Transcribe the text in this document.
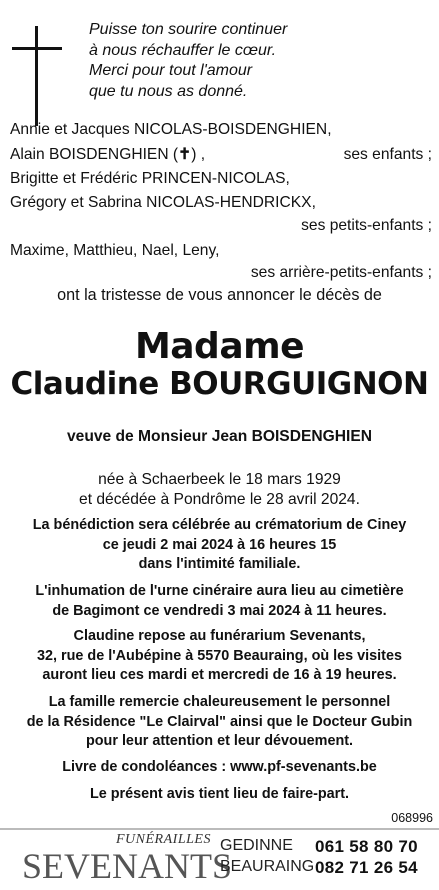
Puisse ton sourire continuer
à nous réchauffer le cœur.
Merci pour tout l'amour
que tu nous as donné.
Annie et Jacques NICOLAS-BOISDENGHIEN,
Alain BOISDENGHIEN (✝) ,	ses enfants ;
Brigitte et Frédéric PRINCEN-NICOLAS,
Grégory et Sabrina NICOLAS-HENDRICKX,
ses petits-enfants ;
Maxime, Matthieu, Nael, Leny,
ses arrière-petits-enfants ;
ont la tristesse de vous annoncer le décès de
Madame
Claudine BOURGUIGNON
veuve de Monsieur Jean BOISDENGHIEN
née à Schaerbeek le 18 mars 1929
et décédée à Pondrôme le 28 avril 2024.
La bénédiction sera célébrée au crématorium de Ciney
ce jeudi 2 mai 2024 à 16 heures 15
dans l'intimité familiale.
L'inhumation de l'urne cinéraire aura lieu au cimetière
de Bagimont ce vendredi 3 mai 2024 à 11 heures.
Claudine repose au funérarium Sevenants,
32, rue de l'Aubépine à 5570 Beauraing, où les visites
auront lieu ces mardi et mercredi de 16 à 19 heures.
La famille remercie chaleureusement le personnel
de la Résidence "Le Clairval" ainsi que le Docteur Gubin
pour leur attention et leur dévouement.
Livre de condoléances : www.pf-sevenants.be
Le présent avis tient lieu de faire-part.
068996
FUNÉRAILLES
SEVENANTS
GEDINNE 061 58 80 70
BEAURAING 082 71 26 54
